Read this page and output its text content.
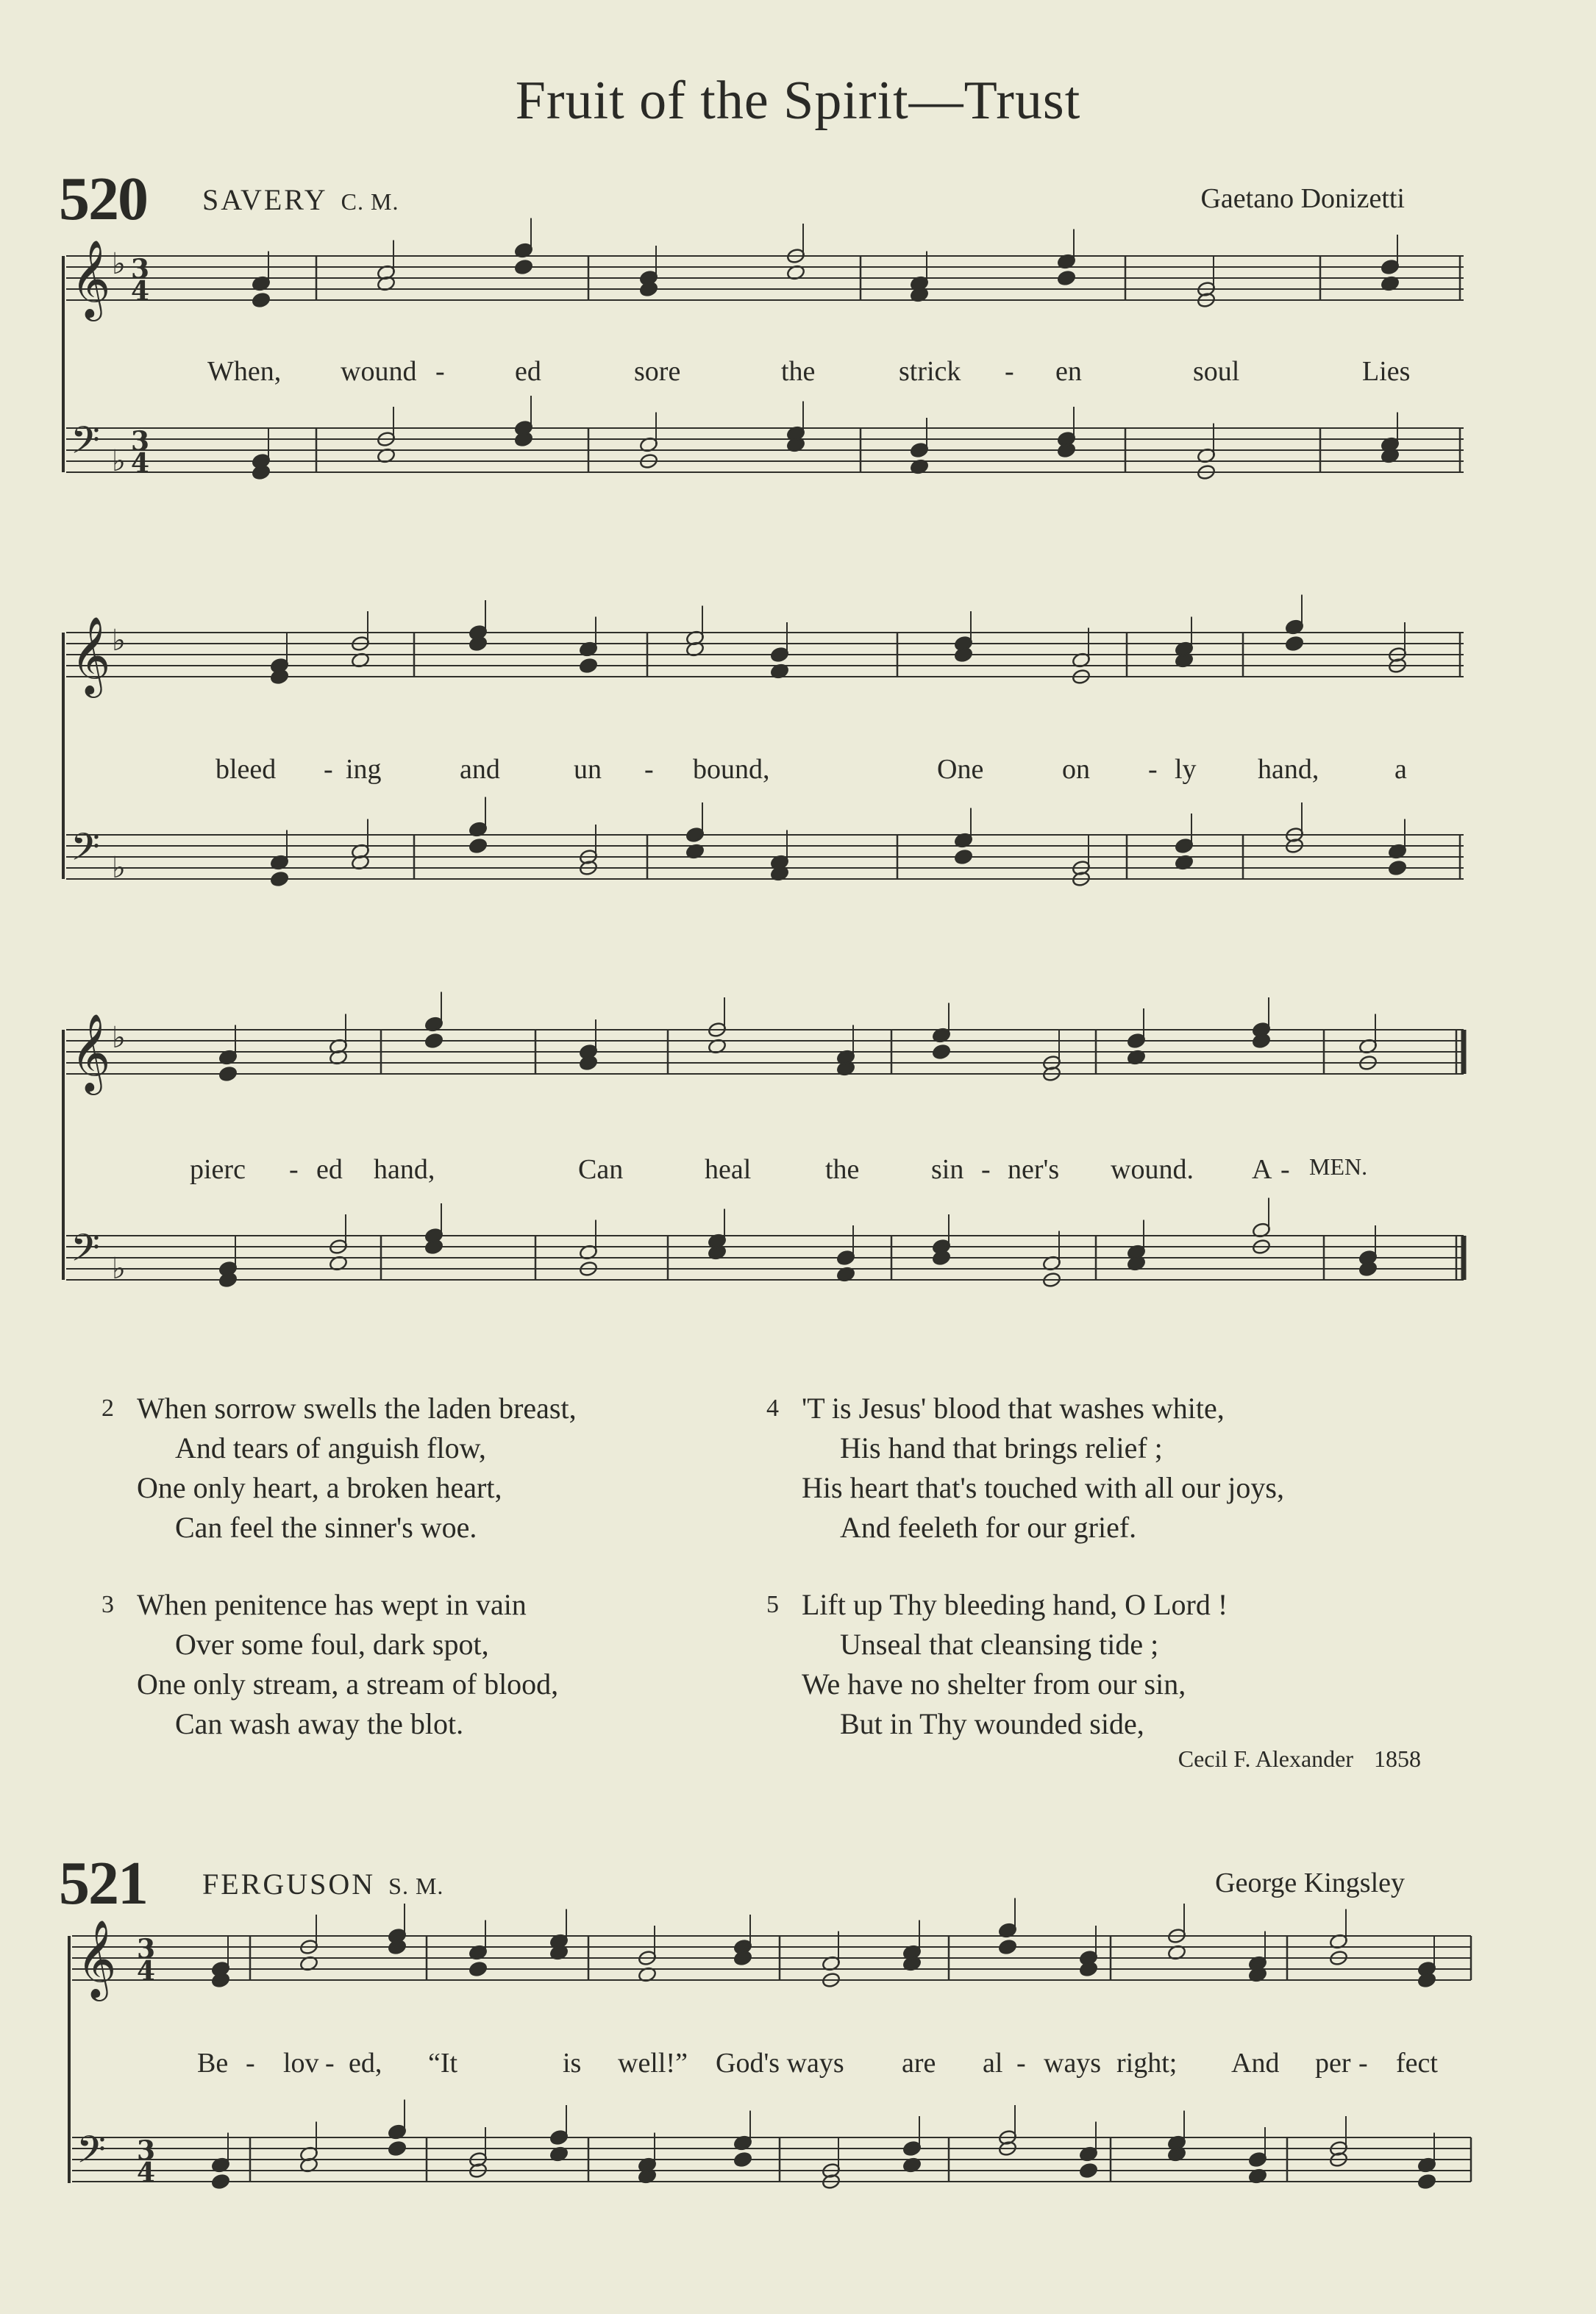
Fruit of the Spirit—Trust
520 SAVERY C. M.	Gaetano Donizetti
521 FERGUSON S. M.	George Kingsley
𝄞 ♭ 3
4
𝄢 ♭
3
4
𝄞 ♭
𝄢 ♭
𝄞 ♭
𝄢 ♭
𝄞 3
4
𝄢 3
4
When, wound -	ed	sore	the	strick - en	soul	Lies
bleed - ing	and	un - bound,	One	on - ly hand,	a
pierc - ed hand,	Can	heal	the	sin - ner's wound. A - MEN.
Be - lov - ed, “It	is well!” God's ways are al - ways right; And per - fect
2 When sorrow swells the laden breast,
And tears of anguish flow,
One only heart, a broken heart,
Can feel the sinner's woe.
3 When penitence has wept in vain
Over some foul, dark spot,
One only stream, a stream of blood,
Can wash away the blot.
4 'T is Jesus' blood that washes white,
His hand that brings relief ;
His heart that's touched with all our joys,
And feeleth for our grief.
5 Lift up Thy bleeding hand, O Lord !
Unseal that cleansing tide ;
We have no shelter from our sin,
But in Thy wounded side,
Cecil F. Alexander 1858
